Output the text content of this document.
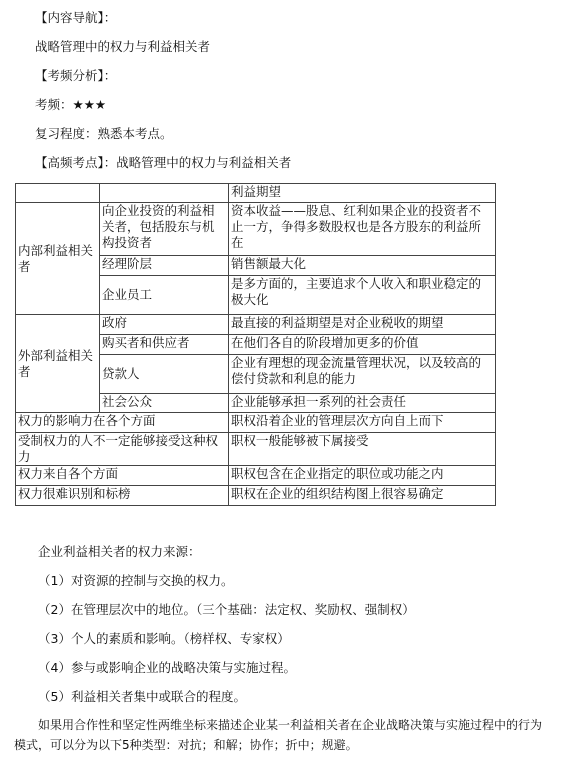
【内容导航】：
战略管理中的权力与利益相关者
【考频分析】：
考频：★★★
复习程度：熟悉本考点。
【高频考点】：战略管理中的权力与利益相关者
		利益期望
内部利益相关者	向企业投资的利益相关者，包括股东与机构投资者	资本收益——股息、红利如果企业的投资者不止一方，争得多数股权也是各方股东的利益所在
	经理阶层	销售额最大化
	企业员工	是多方面的，主要追求个人收入和职业稳定的极大化
外部利益相关者	政府	最直接的利益期望是对企业税收的期望
	购买者和供应者	在他们各自的阶段增加更多的价值
	贷款人	企业有理想的现金流量管理状况，以及较高的偿付贷款和利息的能力
	社会公众	企业能够承担一系列的社会责任
权力的影响力在各个方面		职权沿着企业的管理层次方向自上而下
受制权力的人不一定能够接受这种权力		职权一般能够被下属接受
权力来自各个方面		职权包含在企业指定的职位或功能之内
权力很难识别和标榜		职权在企业的组织结构图上很容易确定
企业利益相关者的权力来源：
（1）对资源的控制与交换的权力。
（2）在管理层次中的地位。（三个基础：法定权、奖励权、强制权）
（3）个人的素质和影响。（榜样权、专家权）
（4）参与或影响企业的战略决策与实施过程。
（5）利益相关者集中或联合的程度。
如果用合作性和坚定性两维坐标来描述企业某一利益相关者在企业战略决策与实施过程中的行为
模式，可以分为以下5种类型：对抗；和解；协作；折中；规避。
